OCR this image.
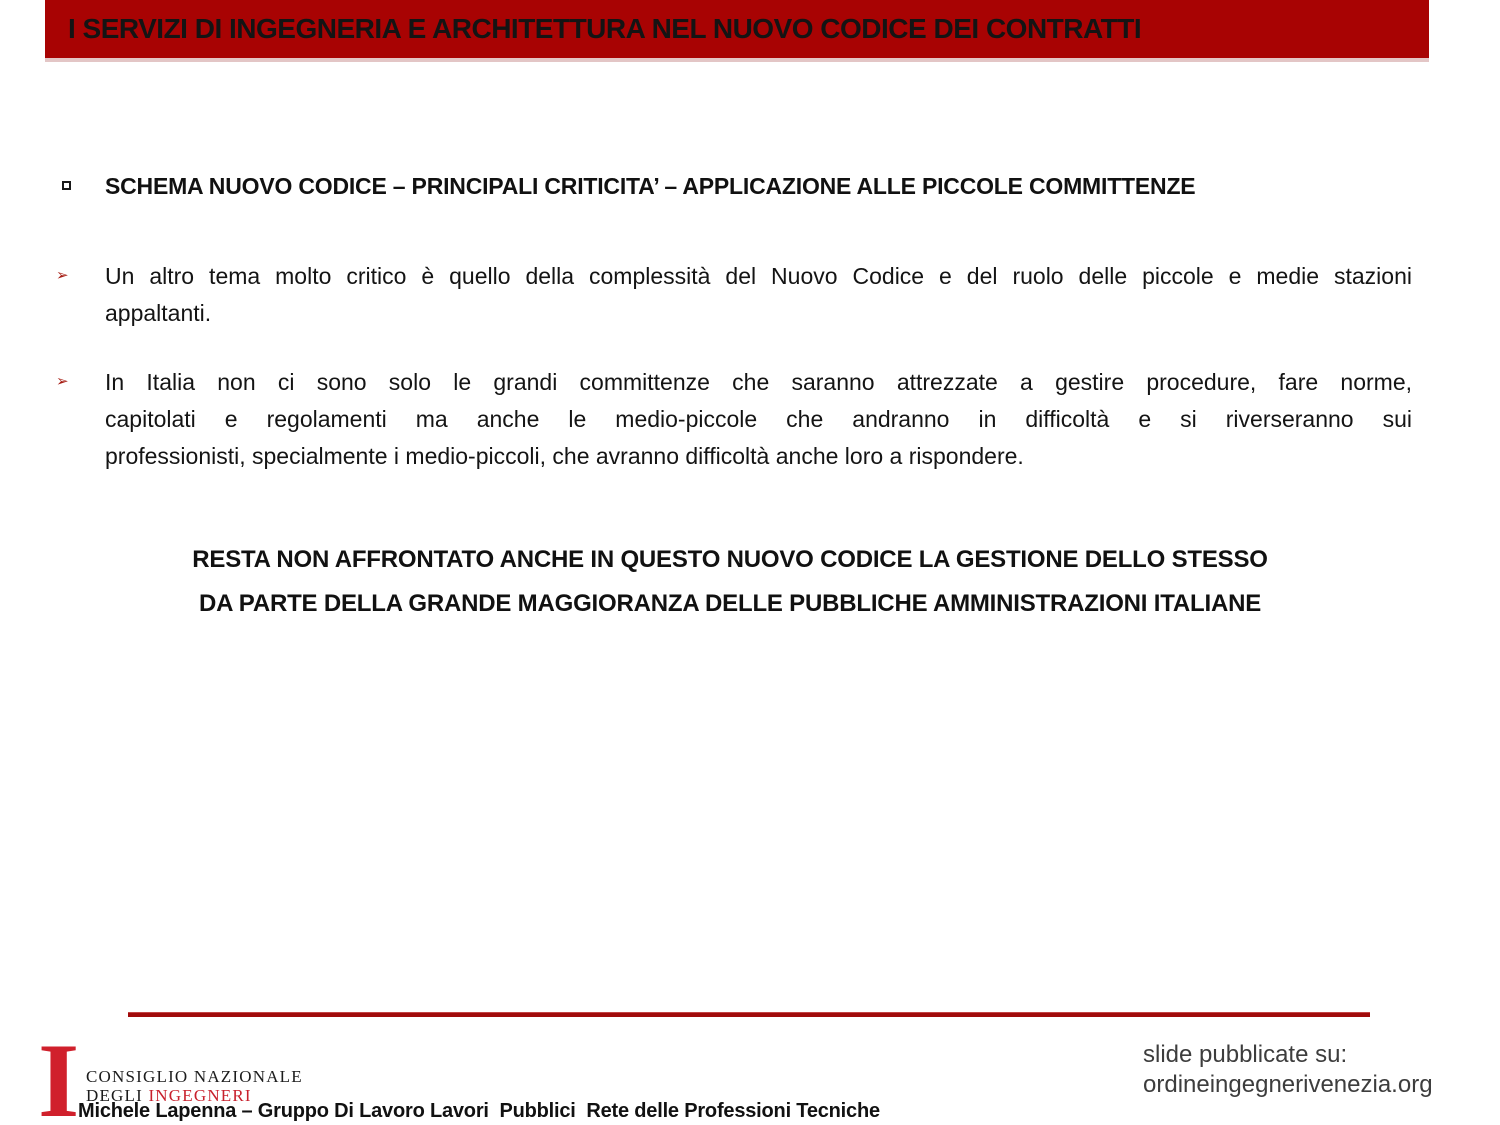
I SERVIZI DI INGEGNERIA E ARCHITETTURA NEL NUOVO CODICE DEI CONTRATTI
SCHEMA NUOVO CODICE – PRINCIPALI CRITICITA’ – APPLICAZIONE ALLE PICCOLE COMMITTENZE
➢ Un altro tema molto critico è quello della complessità del Nuovo Codice e del ruolo delle piccole e medie stazioni
appaltanti.
➢ In Italia non ci sono solo le grandi committenze che saranno attrezzate a gestire procedure, fare norme,
capitolati e regolamenti ma anche le medio-piccole che andranno in difficoltà e si riverseranno sui
professionisti, specialmente i medio-piccoli, che avranno difficoltà anche loro a rispondere.
RESTA NON AFFRONTATO ANCHE IN QUESTO NUOVO CODICE LA GESTIONE DELLO STESSO
DA PARTE DELLA GRANDE MAGGIORANZA DELLE PUBBLICHE AMMINISTRAZIONI ITALIANE
I CONSIGLIO NAZIONALE
DEGLI INGEGNERI
Michele Lapenna – Gruppo Di Lavoro Lavori  Pubblici  Rete delle Professioni Tecniche
slide pubblicate su:
ordineingegnerivenezia.org
